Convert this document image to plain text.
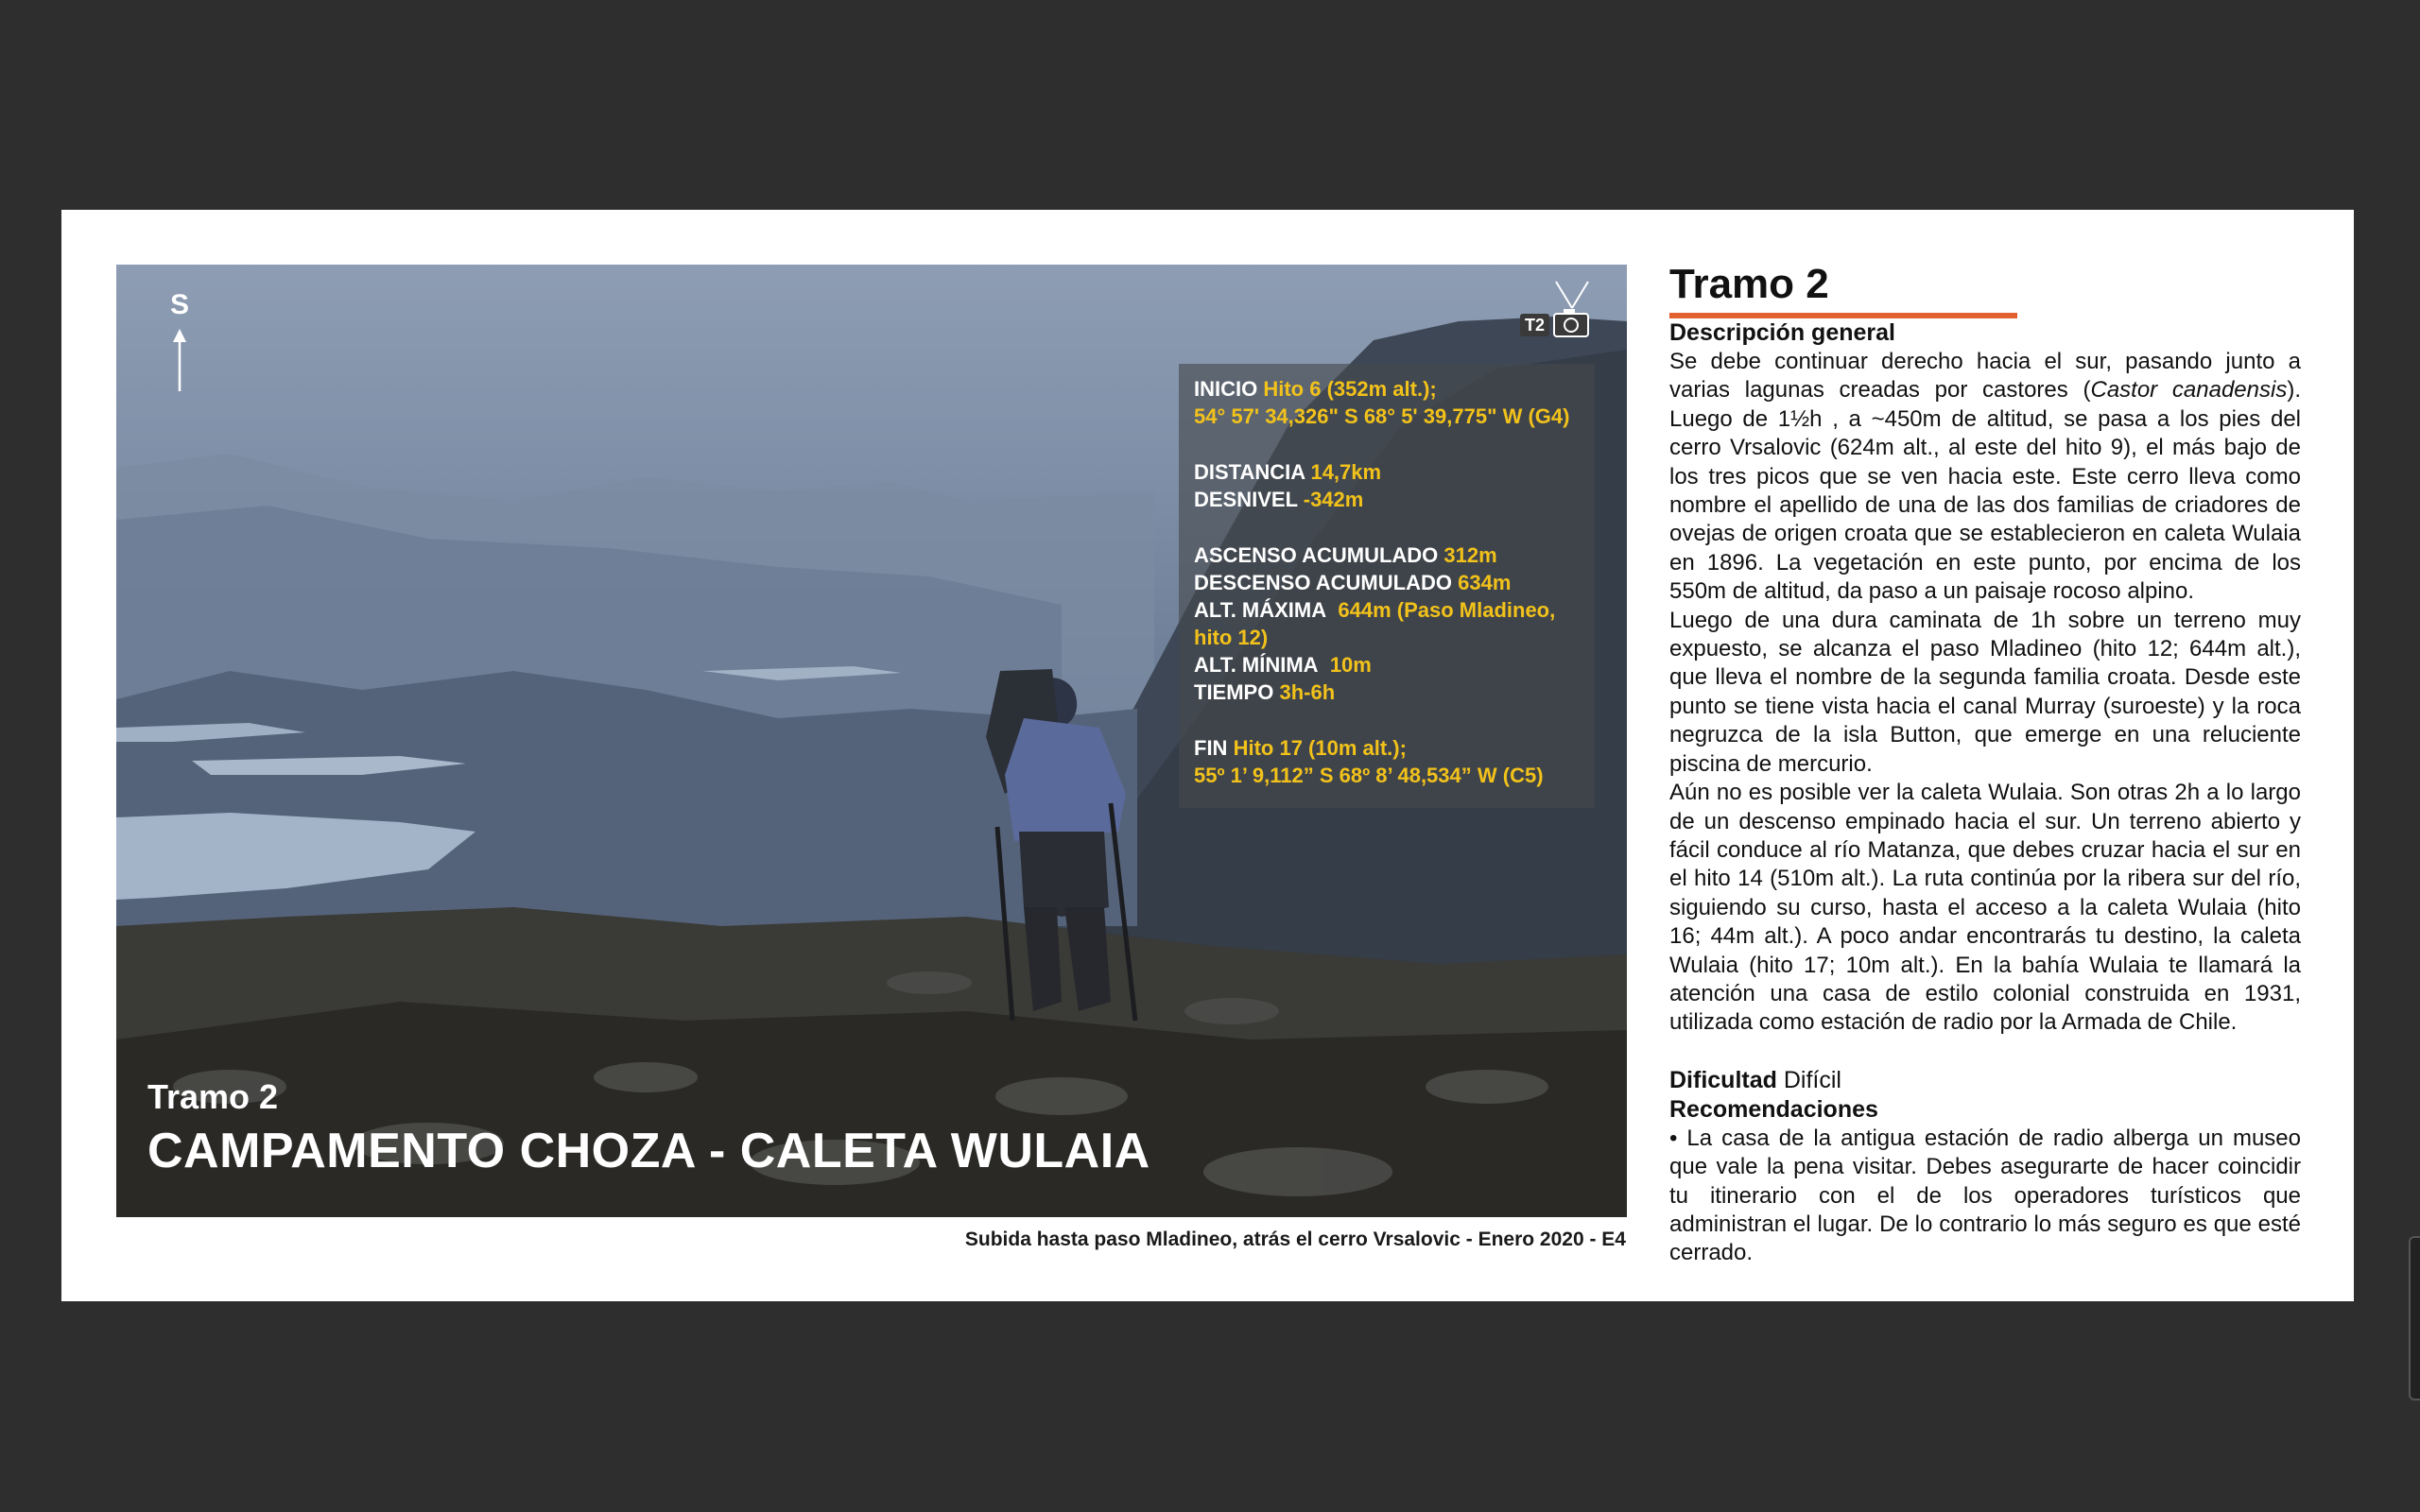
S
T2
INICIO Hito 6 (352m alt.);
54° 57' 34,326" S 68° 5' 39,775" W (G4)
DISTANCIA 14,7km
DESNIVEL -342m
ASCENSO ACUMULADO 312m
DESCENSO ACUMULADO 634m
ALT. MÁXIMA 644m (Paso Mladineo,
hito 12)
ALT. MÍNIMA 10m
TIEMPO 3h-6h
FIN Hito 17 (10m alt.);
55º 1’ 9,112” S 68º 8’ 48,534” W (C5)
Tramo 2
CAMPAMENTO CHOZA - CALETA WULAIA
Subida hasta paso Mladineo, atrás el cerro Vrsalovic - Enero 2020 - E4
Tramo 2
Descripción general

Se debe continuar derecho hacia el sur, pasando junto a varias lagunas creadas por castores (Castor canadensis). Luego de 1½h , a ~450m de altitud, se pasa a los pies del cerro Vrsalovic (624m alt., al este del hito 9), el más bajo de los tres picos que se ven hacia este. Este cerro lleva como nombre el apellido de una de las dos familias de criadores de ovejas de origen croata que se establecieron en caleta Wulaia en 1896. La vegetación en este punto, por encima de los 550m de altitud, da paso a un paisaje rocoso alpino.

Luego de una dura caminata de 1h sobre un terreno muy expuesto, se alcanza el paso Mladineo (hito 12; 644m alt.), que lleva el nombre de la segunda familia croata. Desde este punto se tiene vista hacia el canal Murray (suroeste) y la roca negruzca de la isla Button, que emerge en una reluciente piscina de mercurio.

Aún no es posible ver la caleta Wulaia. Son otras 2h a lo largo de un descenso empinado hacia el sur. Un terreno abierto y fácil conduce al río Matanza, que debes cruzar hacia el sur en el hito 14 (510m alt.). La ruta continúa por la ribera sur del río, siguiendo su curso, hasta el acceso a la caleta Wulaia (hito 16; 44m alt.). A poco andar encontrarás tu destino, la caleta Wulaia (hito 17; 10m alt.). En la bahía Wulaia te llamará la atención una casa de estilo colonial construida en 1931, utilizada como estación de radio por la Armada de Chile.

Dificultad Difícil
Recomendaciones

• La casa de la antigua estación de radio alberga un museo que vale la pena visitar. Debes asegurarte de hacer coincidir tu itinerario con el de los operadores turísticos que administran el lugar. De lo contrario lo más seguro es que esté cerrado.
